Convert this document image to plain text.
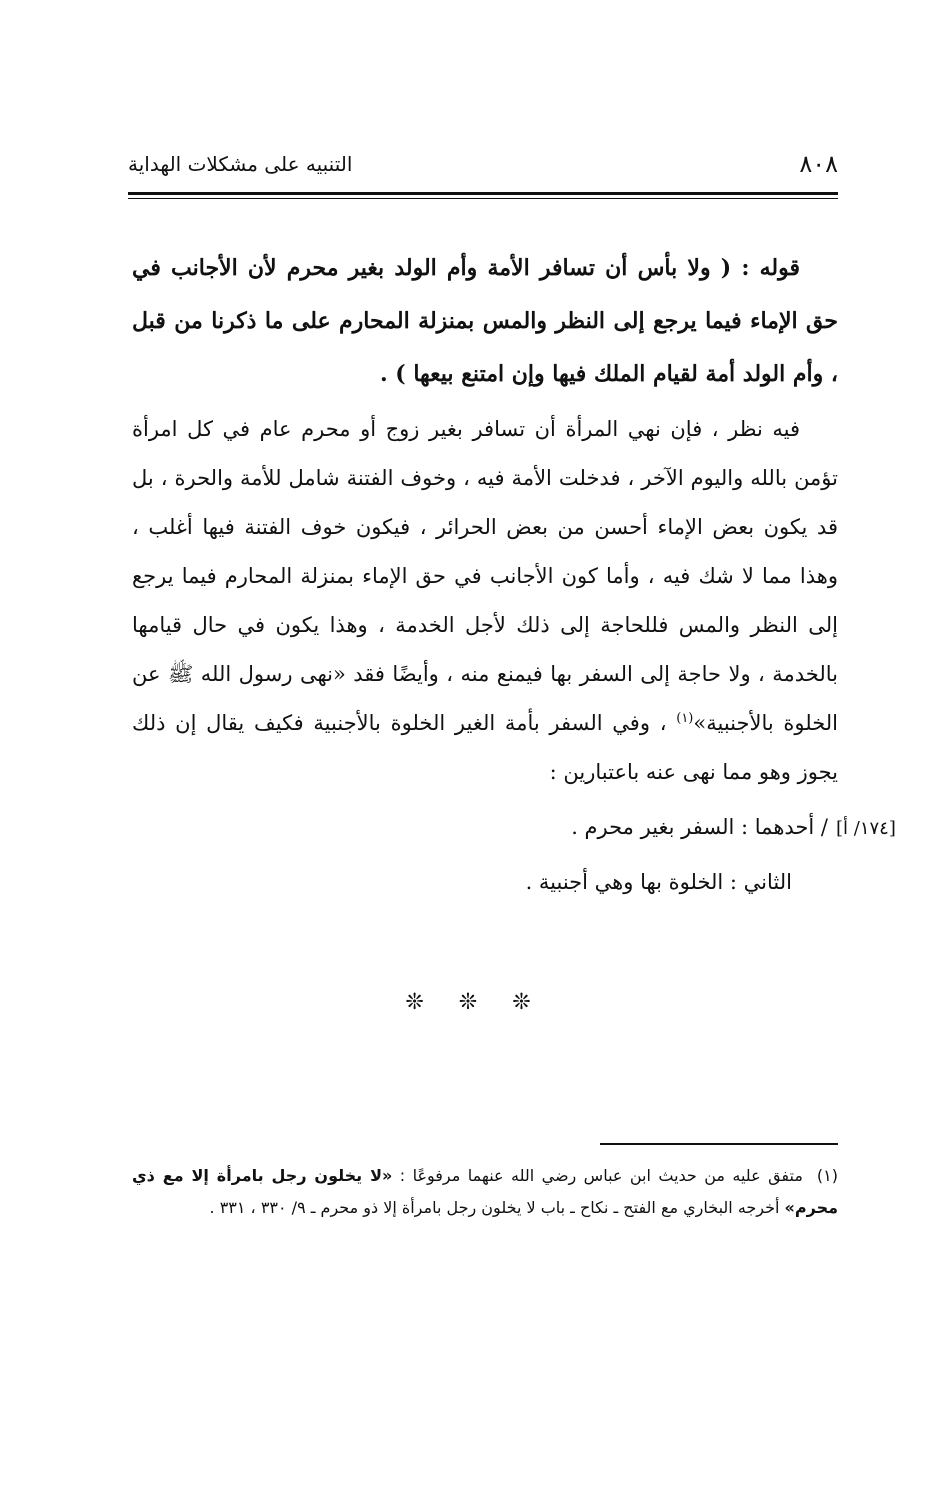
٨٠٨
التنبيه على مشكلات الهداية

قوله : ( ولا بأس أن تسافر الأمة وأم الولد بغير محرم لأن الأجانب في حق الإماء فيما يرجع إلى النظر والمس بمنزلة المحارم على ما ذكرنا من قبل ، وأم الولد أمة لقيام الملك فيها وإن امتنع بيعها ) .

فيه نظر ، فإن نهي المرأة أن تسافر بغير زوج أو محرم عام في كل امرأة تؤمن بالله واليوم الآخر ، فدخلت الأمة فيه ، وخوف الفتنة شامل للأمة والحرة ، بل قد يكون بعض الإماء أحسن من بعض الحرائر ، فيكون خوف الفتنة فيها أغلب ، وهذا مما لا شك فيه ، وأما كون الأجانب في حق الإماء بمنزلة المحارم فيما يرجع إلى النظر والمس فللحاجة إلى ذلك لأجل الخدمة ، وهذا يكون في حال قيامها بالخدمة ، ولا حاجة إلى السفر بها فيمنع منه ، وأيضًا فقد «نهى رسول الله ﷺ عن الخلوة بالأجنبية»$^{(١)}$ ، وفي السفر بأمة الغير الخلوة بالأجنبية فكيف يقال إن ذلك يجوز وهو مما نهى عنه باعتبارين :

/ أحدهما : السفر بغير محرم .
الثاني : الخلوة بها وهي أجنبية .
[١٧٤/ أ]
❊ ❊ ❊
(١)متفق عليه من حديث ابن عباس رضي الله عنهما مرفوعًا : «لا يخلون رجل بامرأة إلا مع ذي محرم» أخرجه البخاري مع الفتح ـ نكاح ـ باب لا يخلون رجل بامرأة إلا ذو محرم ـ ٩/ ٣٣٠ ، ٣٣١ .
